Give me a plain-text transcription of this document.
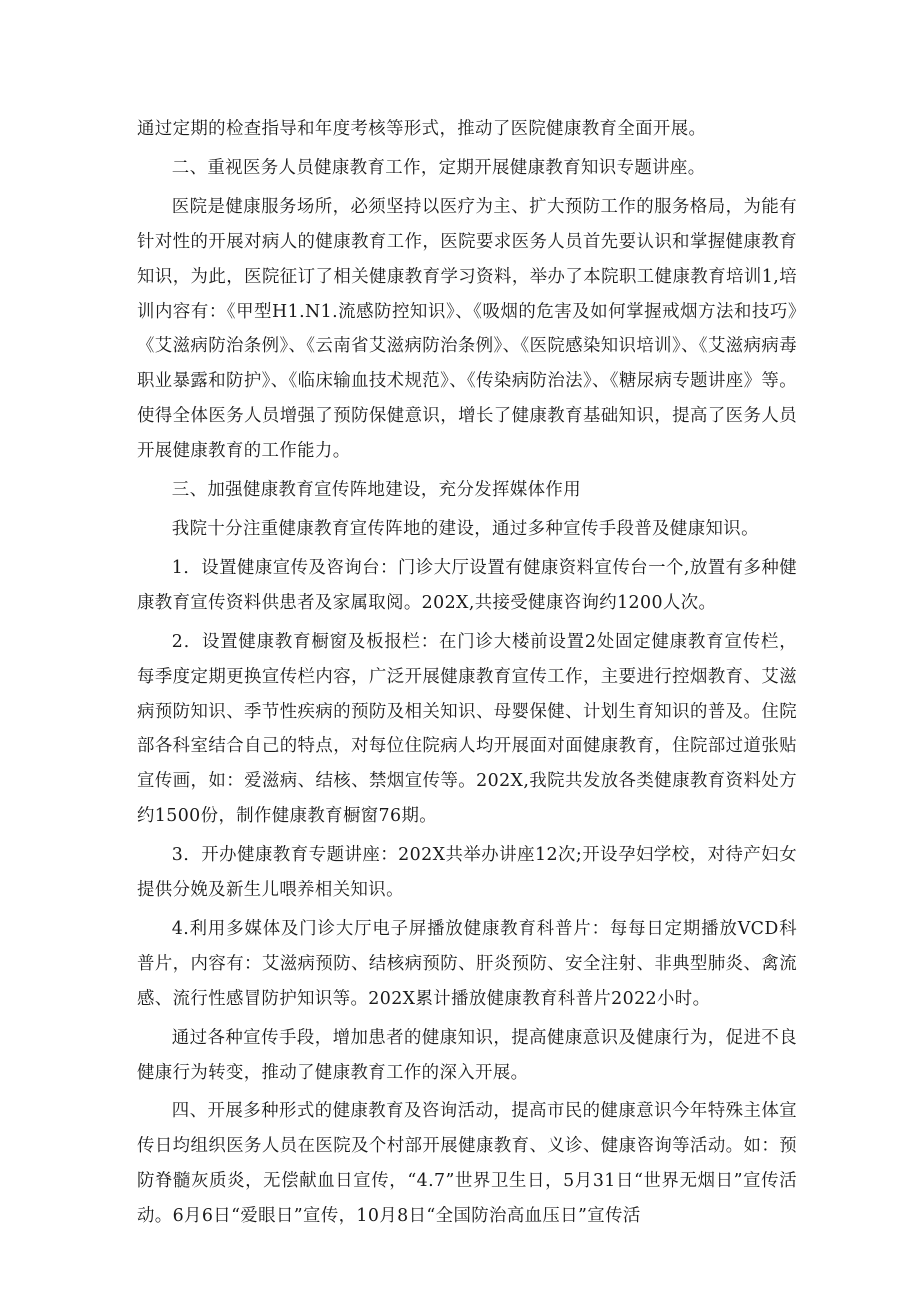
通过定期的检查指导和年度考核等形式，推动了医院健康教育全面开展。

二、重视医务人员健康教育工作，定期开展健康教育知识专题讲座。

医院是健康服务场所，必须坚持以医疗为主、扩大预防工作的服务格局，为能有针对性的开展对病人的健康教育工作，医院要求医务人员首先要认识和掌握健康教育知识，为此，医院征订了相关健康教育学习资料，举办了本院职工健康教育培训1,培训内容有：《甲型H1.N1.流感防控知识》、《吸烟的危害及如何掌握戒烟方法和技巧》《艾滋病防治条例》、《云南省艾滋病防治条例》、《医院感染知识培训》、《艾滋病病毒职业暴露和防护》、《临床输血技术规范》、《传染病防治法》、《糖尿病专题讲座》等。使得全体医务人员增强了预防保健意识，增长了健康教育基础知识，提高了医务人员开展健康教育的工作能力。

三、加强健康教育宣传阵地建设，充分发挥媒体作用

我院十分注重健康教育宣传阵地的建设，通过多种宣传手段普及健康知识。

1．设置健康宣传及咨询台：门诊大厅设置有健康资料宣传台一个,放置有多种健康教育宣传资料供患者及家属取阅。202X,共接受健康咨询约1200人次。

2．设置健康教育橱窗及板报栏：在门诊大楼前设置2处固定健康教育宣传栏，每季度定期更换宣传栏内容，广泛开展健康教育宣传工作，主要进行控烟教育、艾滋病预防知识、季节性疾病的预防及相关知识、母婴保健、计划生育知识的普及。住院部各科室结合自己的特点，对每位住院病人均开展面对面健康教育，住院部过道张贴宣传画，如：爱滋病、结核、禁烟宣传等。202X,我院共发放各类健康教育资料处方约1500份，制作健康教育橱窗76期。

3．开办健康教育专题讲座：202X共举办讲座12次;开设孕妇学校，对待产妇女提供分娩及新生儿喂养相关知识。

4.利用多媒体及门诊大厅电子屏播放健康教育科普片：每每日定期播放VCD科普片，内容有：艾滋病预防、结核病预防、肝炎预防、安全注射、非典型肺炎、禽流感、流行性感冒防护知识等。202X累计播放健康教育科普片2022小时。

通过各种宣传手段，增加患者的健康知识，提高健康意识及健康行为，促进不良健康行为转变，推动了健康教育工作的深入开展。

四、开展多种形式的健康教育及咨询活动，提高市民的健康意识今年特殊主体宣传日均组织医务人员在医院及个村部开展健康教育、义诊、健康咨询等活动。如：预防脊髓灰质炎，无偿献血日宣传，“4.7”世界卫生日，5月31日“世界无烟日”宣传活动。6月6日“爱眼日”宣传，10月8日“全国防治高血压日”宣传活
